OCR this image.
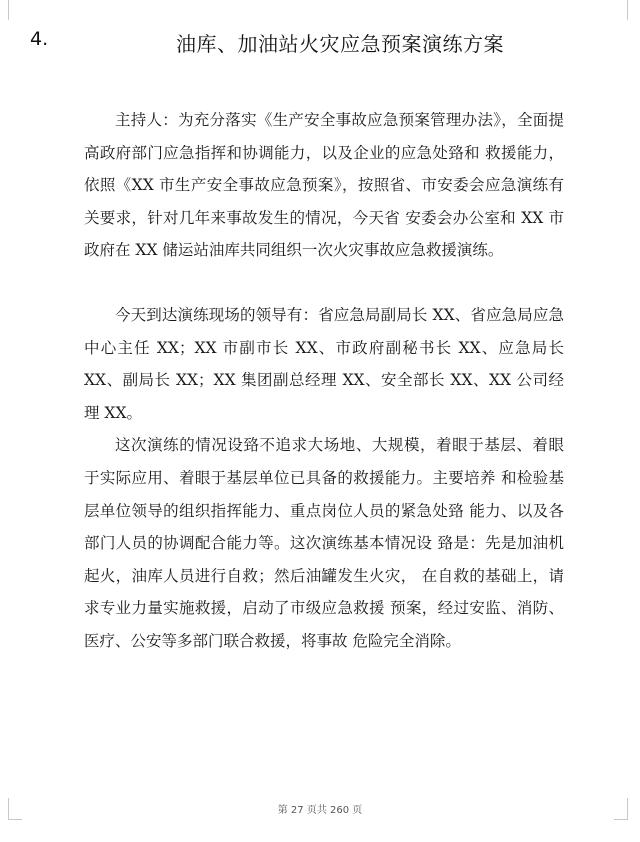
4.	油库、加油站火灾应急预案演练方案

主持人：为充分落实《生产安全事故应急预案管理办法》，全面提高政府部门应急指挥和协调能力，以及企业的应急处臵和 救援能力，依照《XX 市生产安全事故应急预案》，按照省、市安委会应急演练有关要求，针对几年来事故发生的情况，今天省 安委会办公室和 XX 市政府在 XX 储运站油库共同组织一次火灾事故应急救援演练。

今天到达演练现场的领导有：省应急局副局长 XX、省应急局应急中心主任 XX；XX 市副市长 XX、市政府副秘书长 XX、应急局长 XX、副局长 XX；XX 集团副总经理 XX、安全部长 XX、XX 公司经理 XX。

这次演练的情况设臵不追求大场地、大规模，着眼于基层、着眼于实际应用、着眼于基层单位已具备的救援能力。主要培养 和检验基层单位领导的组织指挥能力、重点岗位人员的紧急处臵 能力、以及各部门人员的协调配合能力等。这次演练基本情况设 臵是：先是加油机起火，油库人员进行自救；然后油罐发生火灾， 在自救的基础上，请求专业力量实施救援，启动了市级应急救援 预案，经过安监、消防、医疗、公安等多部门联合救援，将事故 危险完全消除。

第 27 页共 260 页
